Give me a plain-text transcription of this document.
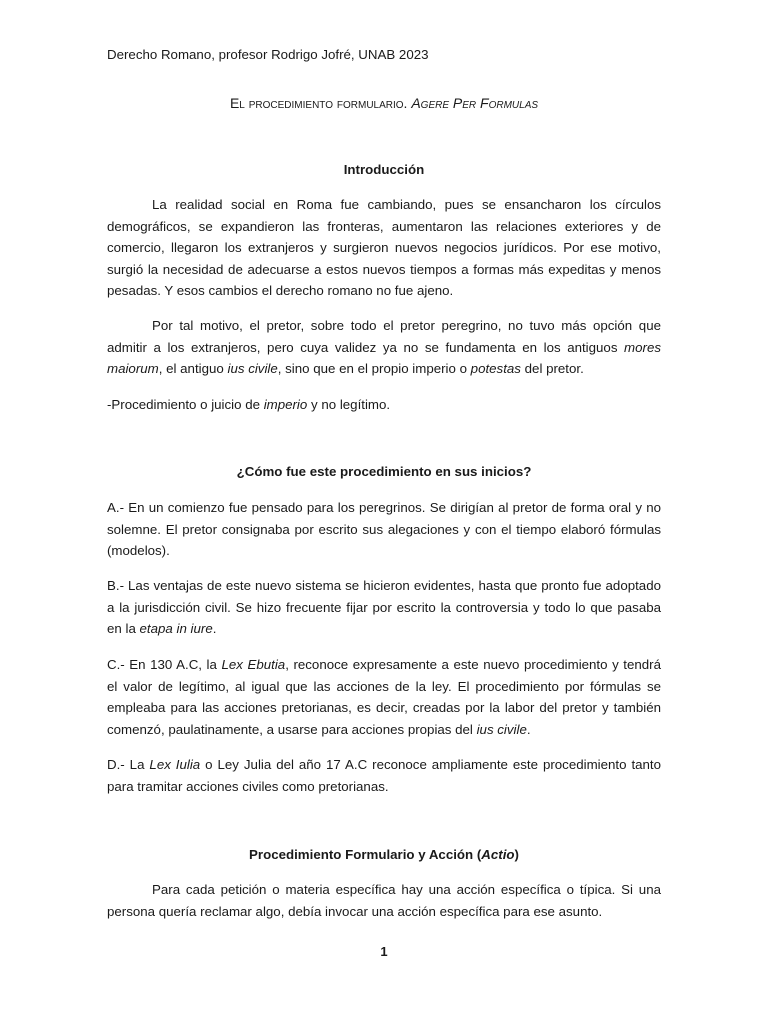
Derecho Romano, profesor Rodrigo Jofré, UNAB 2023
El procedimiento formulario. Agere Per Formulas
Introducción
La realidad social en Roma fue cambiando, pues se ensancharon los círculos demográficos, se expandieron las fronteras, aumentaron las relaciones exteriores y de comercio, llegaron los extranjeros y surgieron nuevos negocios jurídicos. Por ese motivo, surgió la necesidad de adecuarse a estos nuevos tiempos a formas más expeditas y menos pesadas. Y esos cambios el derecho romano no fue ajeno.
Por tal motivo, el pretor, sobre todo el pretor peregrino, no tuvo más opción que admitir a los extranjeros, pero cuya validez ya no se fundamenta en los antiguos mores maiorum, el antiguo ius civile, sino que en el propio imperio o potestas del pretor.
-Procedimiento o juicio de imperio y no legítimo.
¿Cómo fue este procedimiento en sus inicios?
A.- En un comienzo fue pensado para los peregrinos. Se dirigían al pretor de forma oral y no solemne. El pretor consignaba por escrito sus alegaciones y con el tiempo elaboró fórmulas (modelos).
B.- Las ventajas de este nuevo sistema se hicieron evidentes, hasta que pronto fue adoptado a la jurisdicción civil. Se hizo frecuente fijar por escrito la controversia y todo lo que pasaba en la etapa in iure.
C.- En 130 A.C, la Lex Ebutia, reconoce expresamente a este nuevo procedimiento y tendrá el valor de legítimo, al igual que las acciones de la ley. El procedimiento por fórmulas se empleaba para las acciones pretorianas, es decir, creadas por la labor del pretor y también comenzó, paulatinamente, a usarse para acciones propias del ius civile.
D.- La Lex Iulia o Ley Julia del año 17 A.C reconoce ampliamente este procedimiento tanto para tramitar acciones civiles como pretorianas.
Procedimiento Formulario y Acción (Actio)
Para cada petición o materia específica hay una acción específica o típica. Si una persona quería reclamar algo, debía invocar una acción específica para ese asunto.
1
